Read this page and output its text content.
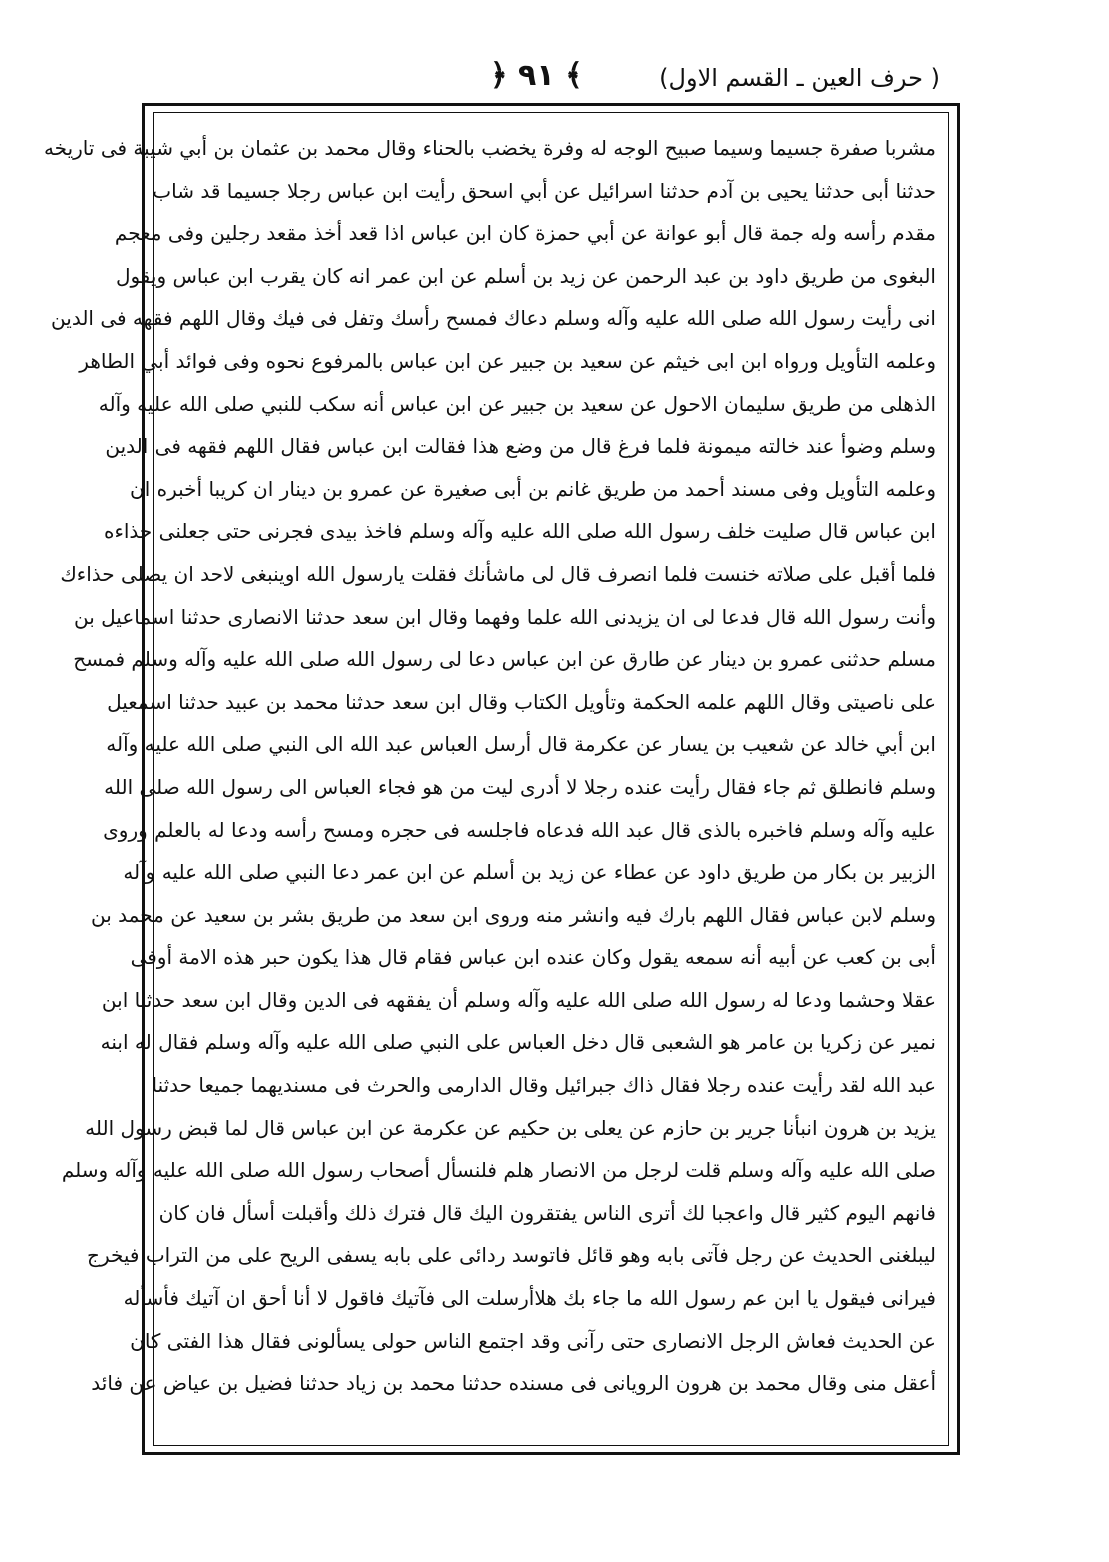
( حرف العين ـ القسم الاول)
﴿ ٩١ ﴾
مشربا صفرة جسيما وسيما صبيح الوجه له وفرة يخضب بالحناء وقال محمد بن عثمان بن أبي شيبة فى تاريخه
حدثنا أبى حدثنا يحيى بن آدم حدثنا اسرائيل عن أبي اسحق رأيت ابن عباس رجلا جسيما قد شاب
مقدم رأسه وله جمة قال أبو عوانة عن أبي حمزة كان ابن عباس اذا قعد أخذ مقعد رجلين وفى معجم
البغوى من طريق داود بن عبد الرحمن عن زيد بن أسلم عن ابن عمر انه كان يقرب ابن عباس ويقول
انى رأيت رسول الله صلى الله عليه وآله وسلم دعاك فمسح رأسك وتفل فى فيك وقال اللهم فقهه فى الدين
وعلمه التأويل ورواه ابن ابى خيثم عن سعيد بن جبير عن ابن عباس بالمرفوع نحوه وفى فوائد أبي الطاهر
الذهلى من طريق سليمان الاحول عن سعيد بن جبير عن ابن عباس أنه سكب للنبي صلى الله عليه وآله
وسلم وضوأ عند خالته ميمونة فلما فرغ قال من وضع هذا فقالت ابن عباس فقال اللهم فقهه فى الدين
وعلمه التأويل وفى مسند أحمد من طريق غانم بن أبى صغيرة عن عمرو بن دينار ان كريبا أخبره ان
ابن عباس قال صليت خلف رسول الله صلى الله عليه وآله وسلم فاخذ بيدى فجرنى حتى جعلنى حذاءه
فلما أقبل على صلاته خنست فلما انصرف قال لى ماشأنك فقلت يارسول الله اوينبغى لاحد ان يصلى حذاءك
وأنت رسول الله قال فدعا لى ان يزيدنى الله علما وفهما وقال ابن سعد حدثنا الانصارى حدثنا اسماعيل بن
مسلم حدثنى عمرو بن دينار عن طارق عن ابن عباس دعا لى رسول الله صلى الله عليه وآله وسلم فمسح
على ناصيتى وقال اللهم علمه الحكمة وتأويل الكتاب وقال ابن سعد حدثنا محمد بن عبيد حدثنا اسمعيل
ابن أبي خالد عن شعيب بن يسار عن عكرمة قال أرسل العباس عبد الله الى النبي صلى الله عليه وآله
وسلم فانطلق ثم جاء فقال رأيت عنده رجلا لا أدرى ليت من هو فجاء العباس الى رسول الله صلى الله
عليه وآله وسلم فاخبره بالذى قال عبد الله فدعاه فاجلسه فى حجره ومسح رأسه ودعا له بالعلم وروى
الزبير بن بكار من طريق داود عن عطاء عن زيد بن أسلم عن ابن عمر دعا النبي صلى الله عليه وآله
وسلم لابن عباس فقال اللهم بارك فيه وانشر منه وروى ابن سعد من طريق بشر بن سعيد عن محمد بن
أبى بن كعب عن أبيه أنه سمعه يقول وكان عنده ابن عباس فقام قال هذا يكون حبر هذه الامة أوفى
عقلا وحشما ودعا له رسول الله صلى الله عليه وآله وسلم أن يفقهه فى الدين وقال ابن سعد حدثنا ابن
نمير عن زكريا بن عامر هو الشعبى قال دخل العباس على النبي صلى الله عليه وآله وسلم فقال له ابنه
عبد الله لقد رأيت عنده رجلا فقال ذاك جبرائيل وقال الدارمى والحرث فى مسنديهما جميعا حدثنا
يزيد بن هرون انبأنا جرير بن حازم عن يعلى بن حكيم عن عكرمة عن ابن عباس قال لما قبض رسول الله
صلى الله عليه وآله وسلم قلت لرجل من الانصار هلم فلنسأل أصحاب رسول الله صلى الله عليه وآله وسلم
فانهم اليوم كثير قال واعجبا لك أترى الناس يفتقرون اليك قال فترك ذلك وأقبلت أسأل فان كان
ليبلغنى الحديث عن رجل فآتى بابه وهو قائل فاتوسد ردائى على بابه يسفى الريح على من التراب فيخرج
فيرانى فيقول يا ابن عم رسول الله ما جاء بك هلاأرسلت الى فآتيك فاقول لا أنا أحق ان آتيك فأسأله
عن الحديث فعاش الرجل الانصارى حتى رآنى وقد اجتمع الناس حولى يسألونى فقال هذا الفتى كان
أعقل منى وقال محمد بن هرون الرويانى فى مسنده حدثنا محمد بن زياد حدثنا فضيل بن عياض عن فائد
